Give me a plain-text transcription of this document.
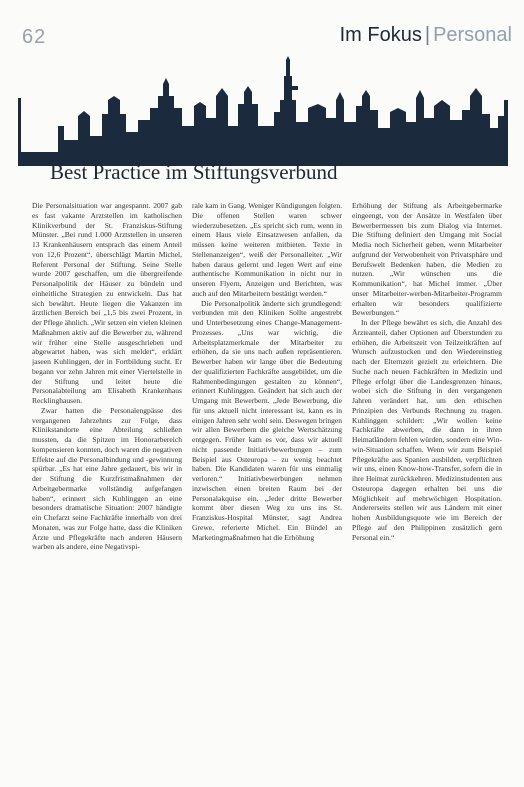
62	Im Fokus | Personal
Best Practice im Stiftungsverbund

Die Personalsituation war angespannt. 2007 gab es fast vakante Arztstellen im katholischen Klinikverbund der St. Franziskus-Stiftung Münster. „Bei rund 1.000 Arztstellen in unseren 13 Krankenhäusern entsprach das einem Anteil von 12,6 Prozent“, überschlägt Martin Michel, Referent Personal der Stiftung. Seine Stelle wurde 2007 geschaffen, um die übergreifende Personalpolitik der Häuser zu bündeln und einheitliche Strategien zu entwickeln. Das hat sich bewährt. Heute liegen die Vakanzen im ärztlichen Bereich bei „1,5 bis zwei Prozent, in der Pflege ähnlich. „Wir setzen ein vielen kleinen Maßnahmen aktiv auf die Bewerber zu, während wir früher eine Stelle ausgeschrieben und abgewartet haben, was sich meldet“, erklärt jaseen Kuhlinggen, der in Fortbildung sucht. Er begann vor zehn Jahren mit einer Viertelstelle in der Stiftung und leitet heute die Personalabteilung am Elisabeth Krankenhaus Recklinghausen.

Zwar hatten die Personalengpässe des vergangenen Jahrzehnts zur Folge, dass Klinikstandorte eine Abteilung schließen mussten, da die Spitzen im Honorarbereich kompensieren konnten, doch waren die negativen Effekte auf die Personalbindung und -gewinnung spürbar. „Es hat eine Jahre gedauert, bis wir in der Stiftung die Kurzfristmaßnahmen der Arbeitgebermarke vollständig aufgefangen haben“, erinnert sich Kuhlinggen an eine besonders dramatische Situation: 2007 händigte ein Chefarzt seine Fachkräfte innerhalb von drei Monaten, was zur Folge hatte, dass die Kliniken Ärzte und Pflegekräfte nach anderen Häusern warben als andere, eine Negativspi-

rale kam in Gang. Weniger Kündigungen folgten. Die offenen Stellen waren schwer wiederzubesetzen. „Es spricht sich rum, wenn in einem Haus viele Einsatzwesen anfallen, da müssen keine weiteren mitbieten. Texte in Stellenanzeigen“, weiß der Personalleiter. „Wir haben daraus gelernt und legen Wert auf eine authentische Kommunikation in nicht nur in unseren Flyern, Anzeigen und Berichten, was auch auf den Mitarbeitern bestätigt werden.“

Die Personalpolitik änderte sich grundlegend: verbunden mit den Kliniken Sollte angestrebt und Unterbesetzung eines Change-Management-Prozesses. „Uns war wichtig, die Arbeitsplatzmerkmale der Mitarbeiter zu erhöhen, da sie uns nach außen repräsentieren. Bewerber haben wir lange über die Bedeutung der qualifizierten Fachkräfte ausgebildet, um die Rahmenbedingungen gestalten zu können“, erinnert Kuhlinggen. Geändert hat sich auch der Umgang mit Bewerbern. „Jede Bewerbung, die für uns aktuell nicht interessant ist, kann es in einigen Jahren sehr wohl sein. Deswegen bringen wir allen Bewerbern die gleiche Wertschätzung entgegen. Früher kam es vor, dass wir aktuell nicht passende Initiativbewerbungen – zum Beispiel aus Osteuropa – zu wenig beachtet haben. Die Kandidaten waren für uns einmalig verloren.“ Initiativbewerbungen nehmen inzwischen einen breiten Raum bei der Personalakquise ein. „Jeder dritte Bewerber kommt über diesen Weg zu uns ins St. Franziskus-Hospital Münster, sagt Andrea Grewe, referierte Michel. Ein Bündel an Marketingmaßnahmen hat die Erhöhung

Erhöhung der Stiftung als Arbeitgebermarke eingeengt, von der Ansätze in Westfalen über Bewerbermessen bis zum Dialog via Internet. Die Stiftung definiert den Umgang mit Social Media noch Sicherheit geben, wenn Mitarbeiter aufgrund der Verwobenheit von Privatsphäre und Berufswelt Bedenken haben, die Medien zu nutzen. „Wir wünschen uns die Kommunikation“, hat Michel immer. „Über unser Mitarbeiter-werben-Mitarbeiter-Programm erhalten wir besonders qualifizierte Bewerbungen.“

In der Pflege bewährt es sich, die Anzahl des Ärzteanteil, daher Optionen auf Überstunden zu erhöhen, die Arbeitszeit von Teilzeitkräften auf Wunsch aufzustocken und den Wiedereinstieg nach der Elternzeit gezielt zu erleichtern. Die Suche nach neuen Fachkräften in Medizin und Pflege erfolgt über die Landesgrenzen hinaus, wobei sich die Stiftung in den vergangenen Jahren verändert hat, um den ethischen Prinzipien des Verbunds Rechnung zu tragen. Kuhlinggen schildert: „Wir wollen keine Fachkräfte abwerben, die dann in ihren Heimatländern fehlen würden, sondern eine Win-win-Situation schaffen. Wenn wir zum Beispiel Pflegekräfte aus Spanien ausbilden, verpflichten wir uns, einen Know-how-Transfer, sofern die in ihre Heimat zurückkehren. Medizinstudenten aus Osteuropa dagegen erhalten bei uns die Möglichkeit auf mehrwöchigen Hospitation. Andererseits stellen wir aus Ländern mit einer hohen Ausbildungsquote wie im Bereich der Pflege auf den Philippinen zusätzlich gern Personal ein.“
